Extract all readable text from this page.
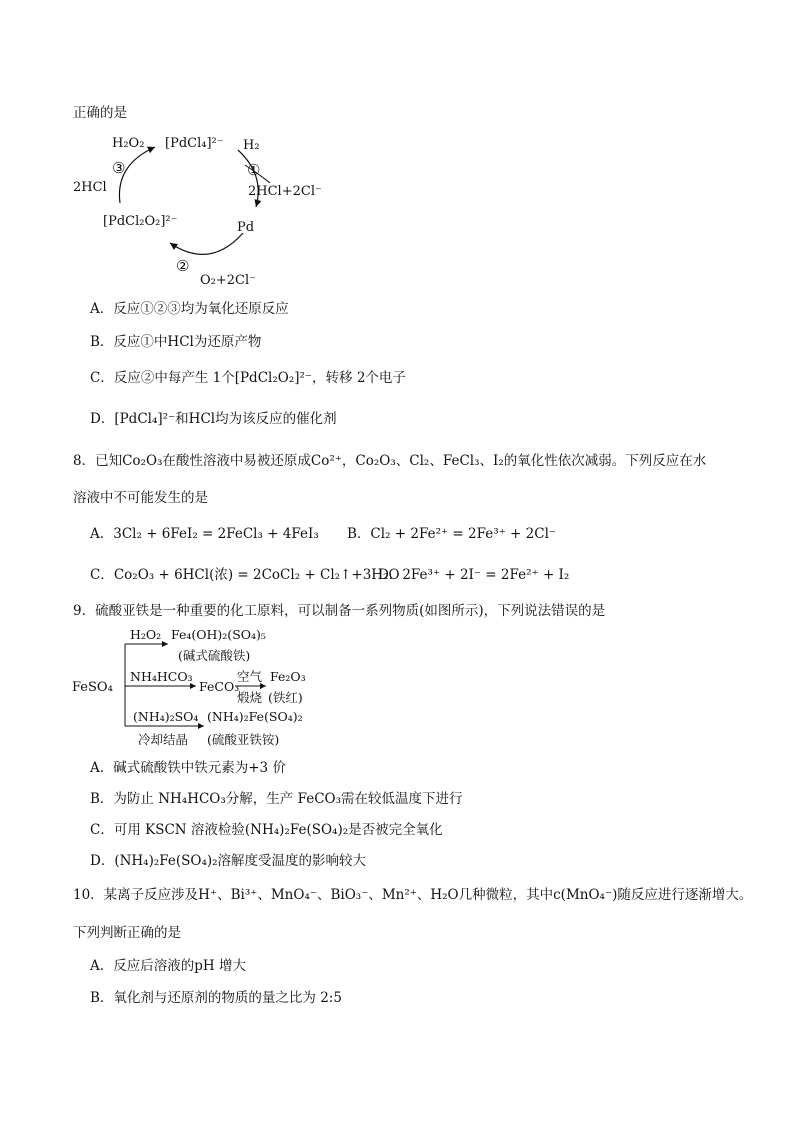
正确的是
[PdCl₄]²⁻
H₂O₂	H₂
①
2HCl+2Cl⁻
③
2HCl
[PdCl₂O₂]²⁻	Pd
②
O₂+2Cl⁻
A．反应①②③均为氧化还原反应
B．反应①中HCl为还原产物
C．反应②中每产生 1个[PdCl₂O₂]²⁻，转移 2个电子
D．[PdCl₄]²⁻和HCl均为该反应的催化剂
8．已知Co₂O₃在酸性溶液中易被还原成Co²⁺，Co₂O₃、Cl₂、FeCl₃、I₂的氧化性依次减弱。下列反应在水
溶液中不可能发生的是
A．3Cl₂ + 6FeI₂ = 2FeCl₃ + 4FeI₃ B．Cl₂ + 2Fe²⁺ = 2Fe³⁺ + 2Cl⁻
C．Co₂O₃ + 6HCl(浓) = 2CoCl₂ + Cl₂↑+3H₂O
D．2Fe³⁺ + 2I⁻ = 2Fe²⁺ + I₂
9．硫酸亚铁是一种重要的化工原料，可以制备一系列物质(如图所示)，下列说法错误的是
FeSO₄
H₂O₂ Fe₄(OH)₂(SO₄)₅
(碱式硫酸铁)
NH₄HCO₃
FeCO₃
空气
煅烧
Fe₂O₃
(铁红)
(NH₄)₂SO₄
冷却结晶
(NH₄)₂Fe(SO₄)₂
(硫酸亚铁铵)
A．碱式硫酸铁中铁元素为+3 价
B．为防止 NH₄HCO₃分解，生产 FeCO₃需在较低温度下进行
C．可用 KSCN 溶液检验(NH₄)₂Fe(SO₄)₂是否被完全氧化
D．(NH₄)₂Fe(SO₄)₂溶解度受温度的影响较大
10．某离子反应涉及H⁺、Bi³⁺、MnO₄⁻、BiO₃⁻、Mn²⁺、H₂O几种微粒，其中c(MnO₄⁻)随反应进行逐渐增大。
下列判断正确的是
A．反应后溶液的pH 增大
B．氧化剂与还原剂的物质的量之比为 2:5
